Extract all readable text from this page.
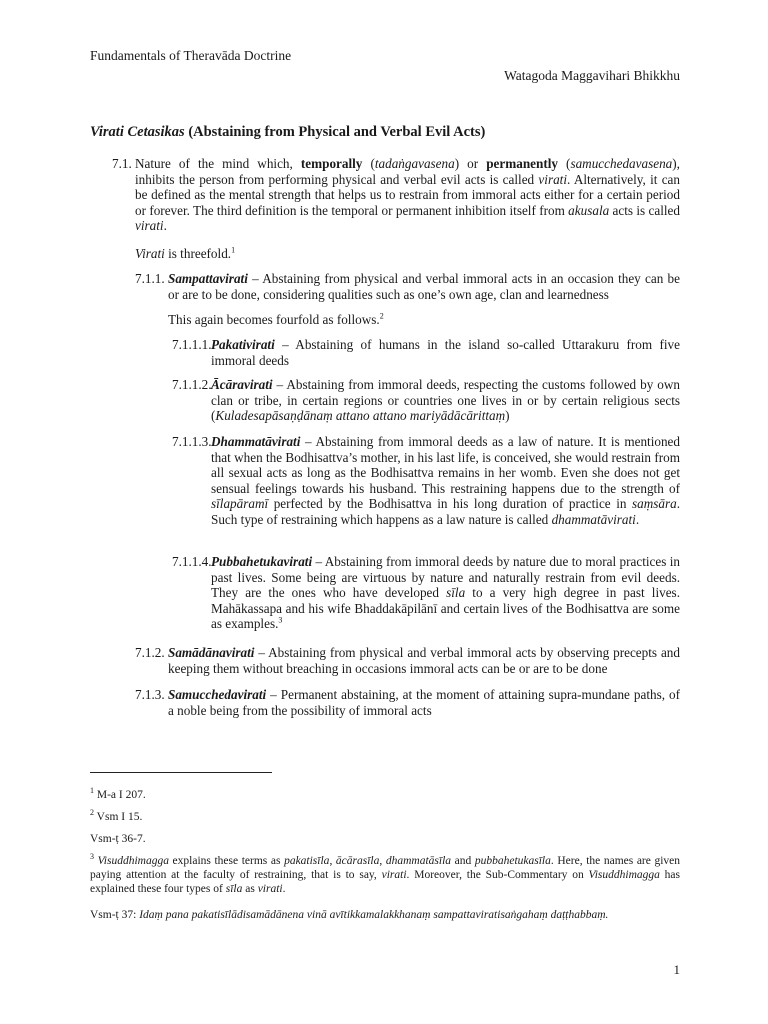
Fundamentals of Theravāda Doctrine
Watagoda Maggavihari Bhikkhu
Virati Cetasikas (Abstaining from Physical and Verbal Evil Acts)
7.1. Nature of the mind which, temporally (tadaṅgavasena) or permanently (samucchedavasena), inhibits the person from performing physical and verbal evil acts is called virati. Alternatively, it can be defined as the mental strength that helps us to restrain from immoral acts either for a certain period or forever. The third definition is the temporal or permanent inhibition itself from akusala acts is called virati.
Virati is threefold.$^1$
7.1.1. Sampattavirati – Abstaining from physical and verbal immoral acts in an occasion they can be or are to be done, considering qualities such as one’s own age, clan and learnedness
This again becomes fourfold as follows.$^2$
7.1.1.1. Pakativirati – Abstaining of humans in the island so-called Uttarakuru from five immoral deeds
7.1.1.2. Ācāravirati – Abstaining from immoral deeds, respecting the customs followed by own clan or tribe, in certain regions or countries one lives in or by certain religious sects (Kuladesapāsaṇḍānaṃ attano attano mariyādācārittaṃ)
7.1.1.3. Dhammatāvirati – Abstaining from immoral deeds as a law of nature. It is mentioned that when the Bodhisattva’s mother, in his last life, is conceived, she would restrain from all sexual acts as long as the Bodhisattva remains in her womb. Even she does not get sensual feelings towards his husband. This restraining happens due to the strength of sīlapāramī perfected by the Bodhisattva in his long duration of practice in saṃsāra. Such type of restraining which happens as a law nature is called dhammatāvirati.
7.1.1.4. Pubbahetukavirati – Abstaining from immoral deeds by nature due to moral practices in past lives. Some being are virtuous by nature and naturally restrain from evil deeds. They are the ones who have developed sīla to a very high degree in past lives. Mahākassapa and his wife Bhaddakāpilānī and certain lives of the Bodhisattva are some as examples.$^3$
7.1.2. Samādānavirati – Abstaining from physical and verbal immoral acts by observing precepts and keeping them without breaching in occasions immoral acts can be or are to be done
7.1.3. Samucchedavirati – Permanent abstaining, at the moment of attaining supra-mundane paths, of a noble being from the possibility of immoral acts
$^1$ M-a I 207.
$^2$ Vsm I 15.
Vsm-ṭ 36-7.
$^3$ Visuddhimagga explains these terms as pakatisīla, ācārasīla, dhammatāsīla and pubbahetukasīla. Here, the names are given paying attention at the faculty of restraining, that is to say, virati. Moreover, the Sub-Commentary on Visuddhimagga has explained these four types of sīla as virati.
Vsm-ṭ 37: Idaṃ pana pakatisīlādisamādānena vinā avītikkamalakkhanaṃ sampattaviratisaṅgahaṃ daṭṭhabbaṃ.
1
